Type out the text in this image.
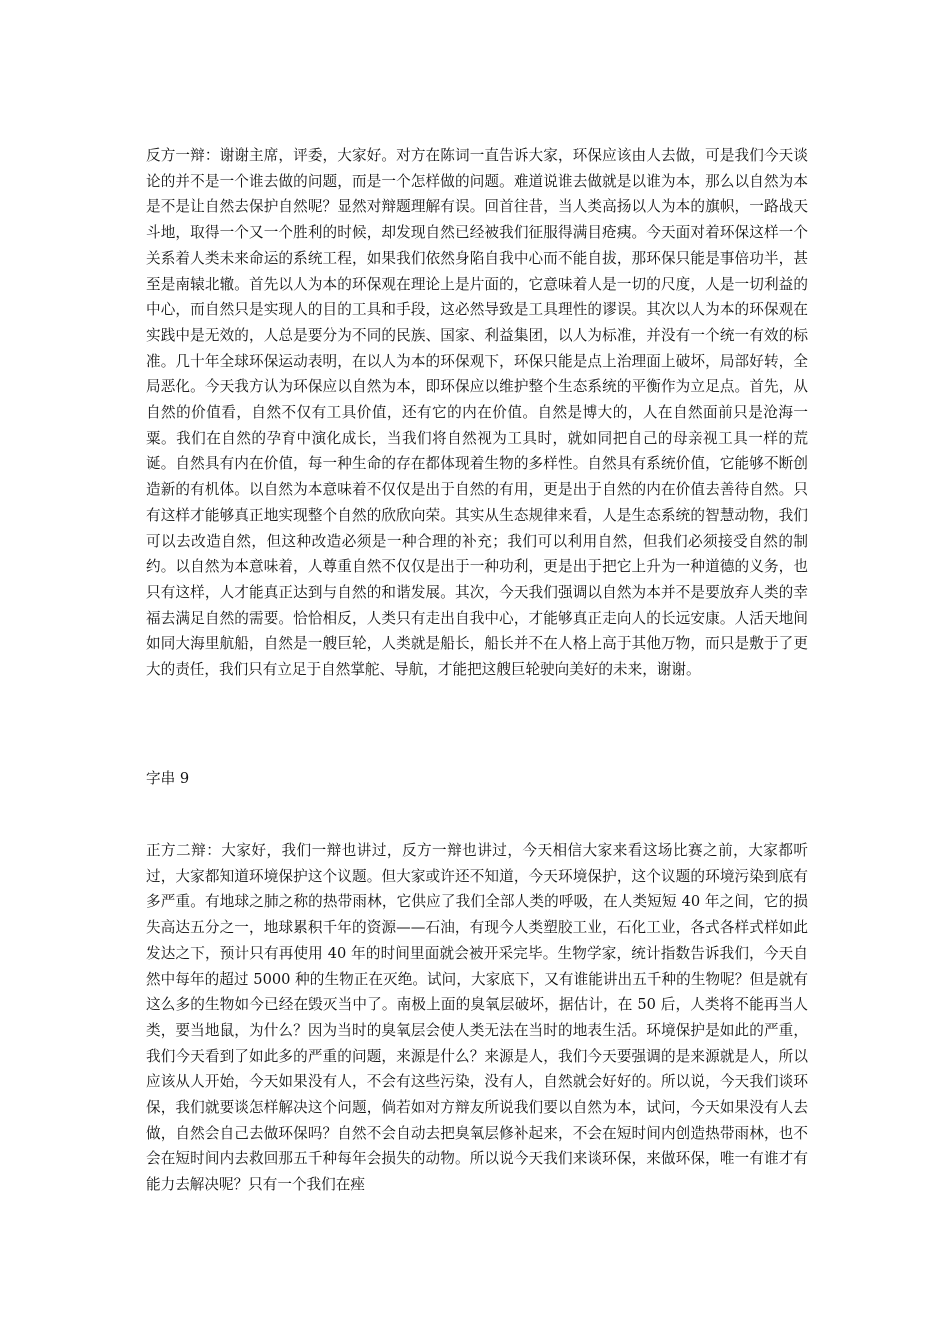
反方一辩：谢谢主席，评委，大家好。对方在陈词一直告诉大家，环保应该由人去做，可是我们今天谈论的并不是一个谁去做的问题，而是一个怎样做的问题。难道说谁去做就是以谁为本，那么以自然为本是不是让自然去保护自然呢？显然对辩题理解有误。回首往昔，当人类高扬以人为本的旗帜，一路战天斗地，取得一个又一个胜利的时候，却发现自然已经被我们征服得满目疮痍。今天面对着环保这样一个关系着人类未来命运的系统工程，如果我们依然身陷自我中心而不能自拔，那环保只能是事倍功半，甚至是南辕北辙。首先以人为本的环保观在理论上是片面的，它意味着人是一切的尺度，人是一切利益的中心，而自然只是实现人的目的工具和手段，这必然导致是工具理性的谬误。其次以人为本的环保观在实践中是无效的，人总是要分为不同的民族、国家、利益集团，以人为标准，并没有一个统一有效的标准。几十年全球环保运动表明，在以人为本的环保观下，环保只能是点上治理面上破坏，局部好转，全局恶化。今天我方认为环保应以自然为本，即环保应以维护整个生态系统的平衡作为立足点。首先，从自然的价值看，自然不仅有工具价值，还有它的内在价值。自然是博大的，人在自然面前只是沧海一粟。我们在自然的孕育中演化成长，当我们将自然视为工具时，就如同把自己的母亲视工具一样的荒诞。自然具有内在价值，每一种生命的存在都体现着生物的多样性。自然具有系统价值，它能够不断创造新的有机体。以自然为本意味着不仅仅是出于自然的有用，更是出于自然的内在价值去善待自然。只有这样才能够真正地实现整个自然的欣欣向荣。其实从生态规律来看，人是生态系统的智慧动物，我们可以去改造自然，但这种改造必须是一种合理的补充；我们可以利用自然，但我们必须接受自然的制约。以自然为本意味着，人尊重自然不仅仅是出于一种功利，更是出于把它上升为一种道德的义务，也只有这样，人才能真正达到与自然的和谐发展。其次，今天我们强调以自然为本并不是要放弃人类的幸福去满足自然的需要。恰恰相反，人类只有走出自我中心，才能够真正走向人的长远安康。人活天地间如同大海里航船，自然是一艘巨轮，人类就是船长，船长并不在人格上高于其他万物，而只是敷于了更大的责任，我们只有立足于自然掌舵、导航，才能把这艘巨轮驶向美好的未来，谢谢。

字串 9

正方二辩：大家好，我们一辩也讲过，反方一辩也讲过，今天相信大家来看这场比赛之前，大家都听过，大家都知道环境保护这个议题。但大家或许还不知道，今天环境保护，这个议题的环境污染到底有多严重。有地球之肺之称的热带雨林，它供应了我们全部人类的呼吸，在人类短短 40 年之间，它的损失高达五分之一，地球累积千年的资源——石油，有现今人类塑胶工业，石化工业，各式各样式样如此发达之下，预计只有再使用 40 年的时间里面就会被开采完毕。生物学家，统计指数告诉我们，今天自然中每年的超过 5000 种的生物正在灭绝。试问，大家底下，又有谁能讲出五千种的生物呢？但是就有这么多的生物如今已经在毁灭当中了。南极上面的臭氧层破坏，据估计，在 50 后，人类将不能再当人类，要当地鼠，为什么？因为当时的臭氧层会使人类无法在当时的地表生活。环境保护是如此的严重，我们今天看到了如此多的严重的问题，来源是什么？来源是人，我们今天要强调的是来源就是人，所以应该从人开始，今天如果没有人，不会有这些污染，没有人，自然就会好好的。所以说，今天我们谈环保，我们就要谈怎样解决这个问题，倘若如对方辩友所说我们要以自然为本，试问，今天如果没有人去做，自然会自己去做环保吗？自然不会自动去把臭氧层修补起来，不会在短时间内创造热带雨林，也不会在短时间内去救回那五千种每年会损失的动物。所以说今天我们来谈环保，来做环保，唯一有谁才有能力去解决呢？只有一个我们在痤
